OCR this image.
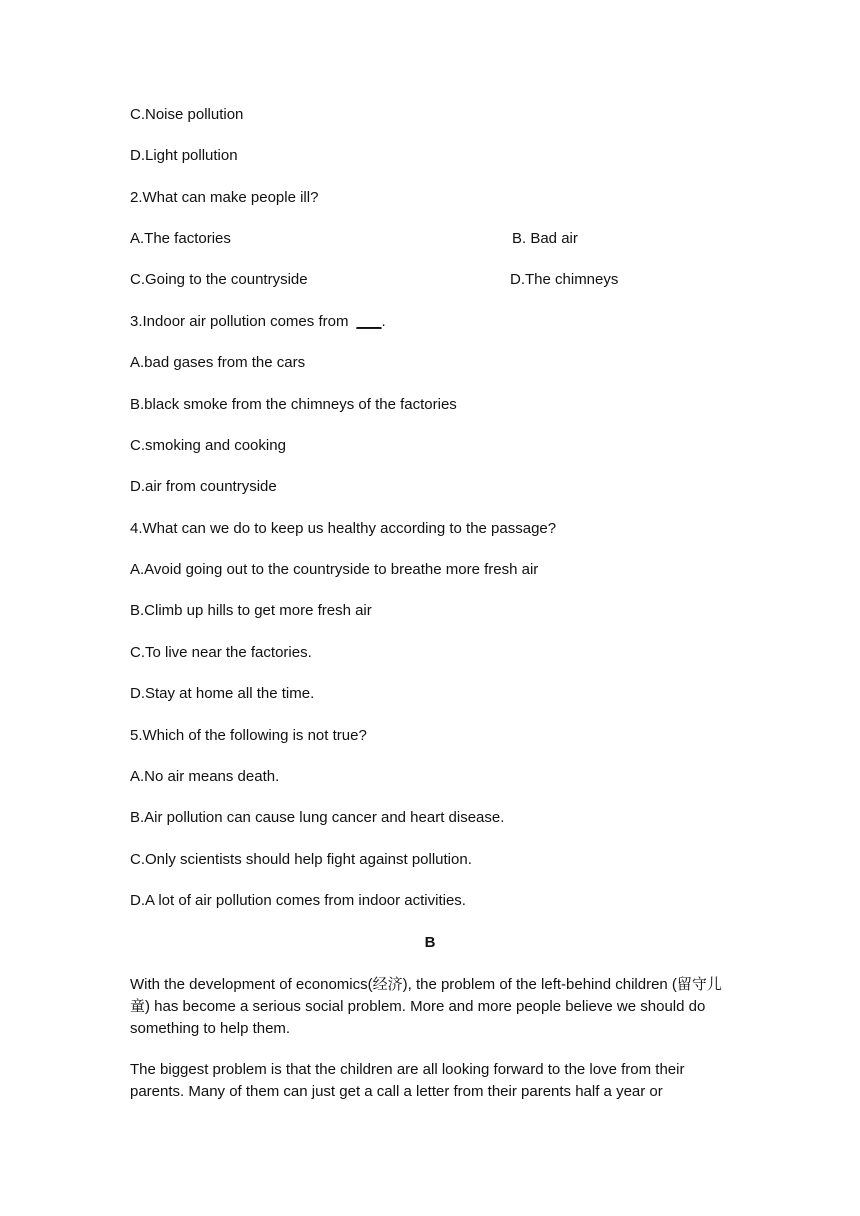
C.Noise pollution
D.Light pollution
2.What can make people ill?
A.The factories	B. Bad air
C.Going to the countryside	D.The chimneys
3.Indoor air pollution comes from ___.
A.bad gases from the cars
B.black smoke from the chimneys of the factories
C.smoking and cooking
D.air from countryside
4.What can we do to keep us healthy according to the passage?
A.Avoid going out to the countryside to breathe more fresh air
B.Climb up hills to get more fresh air
C.To live near the factories.
D.Stay at home all the time.
5.Which of the following is not true?
A.No air means death.
B.Air pollution can cause lung cancer and heart disease.
C.Only scientists should help fight against pollution.
D.A lot of air pollution comes from indoor activities.
B
With the development of economics(经济), the problem of the left-behind children (留守儿童) has become a serious social problem. More and more people believe we should do something to help them.
The biggest problem is that the children are all looking forward to the love from their parents. Many of them can just get a call a letter from their parents half a year or
